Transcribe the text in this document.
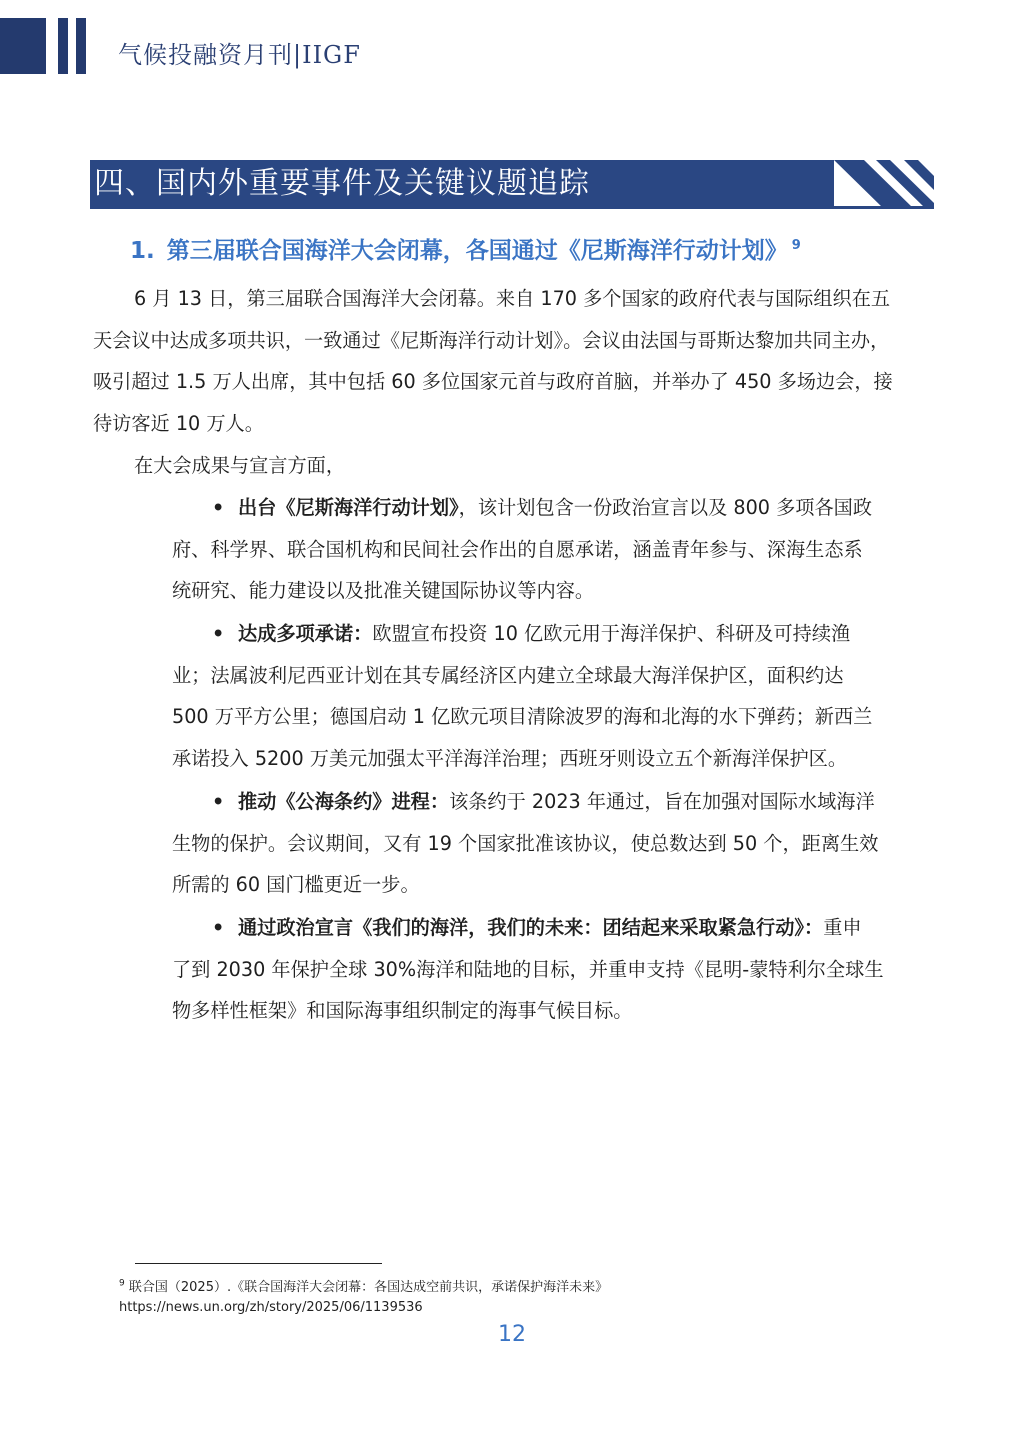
气候投融资月刊|IIGF
四、国内外重要事件及关键议题追踪
1. 第三届联合国海洋大会闭幕，各国通过《尼斯海洋行动计划》 $^9$
6 月 13 日，第三届联合国海洋大会闭幕。来自 170 多个国家的政府代表与国际组织在五
天会议中达成多项共识，一致通过《尼斯海洋行动计划》。会议由法国与哥斯达黎加共同主办，
吸引超过 1.5 万人出席，其中包括 60 多位国家元首与政府首脑，并举办了 450 多场边会，接
待访客近 10 万人。
在大会成果与宣言方面，
• 出台《尼斯海洋行动计划》，该计划包含一份政治宣言以及 800 多项各国政
府、科学界、联合国机构和民间社会作出的自愿承诺，涵盖青年参与、深海生态系
统研究、能力建设以及批准关键国际协议等内容。
• 达成多项承诺：欧盟宣布投资 10 亿欧元用于海洋保护、科研及可持续渔
业；法属波利尼西亚计划在其专属经济区内建立全球最大海洋保护区，面积约达
500 万平方公里；德国启动 1 亿欧元项目清除波罗的海和北海的水下弹药；新西兰
承诺投入 5200 万美元加强太平洋海洋治理；西班牙则设立五个新海洋保护区。
• 推动《公海条约》进程：该条约于 2023 年通过，旨在加强对国际水域海洋
生物的保护。会议期间，又有 19 个国家批准该协议，使总数达到 50 个，距离生效
所需的 60 国门槛更近一步。
• 通过政治宣言《我们的海洋，我们的未来：团结起来采取紧急行动》：重申
了到 2030 年保护全球 30%海洋和陆地的目标，并重申支持《昆明-蒙特利尔全球生
物多样性框架》和国际海事组织制定的海事气候目标。
$^9$ 联合国（2025）.《联合国海洋大会闭幕：各国达成空前共识，承诺保护海洋未来》
https://news.un.org/zh/story/2025/06/1139536
12
